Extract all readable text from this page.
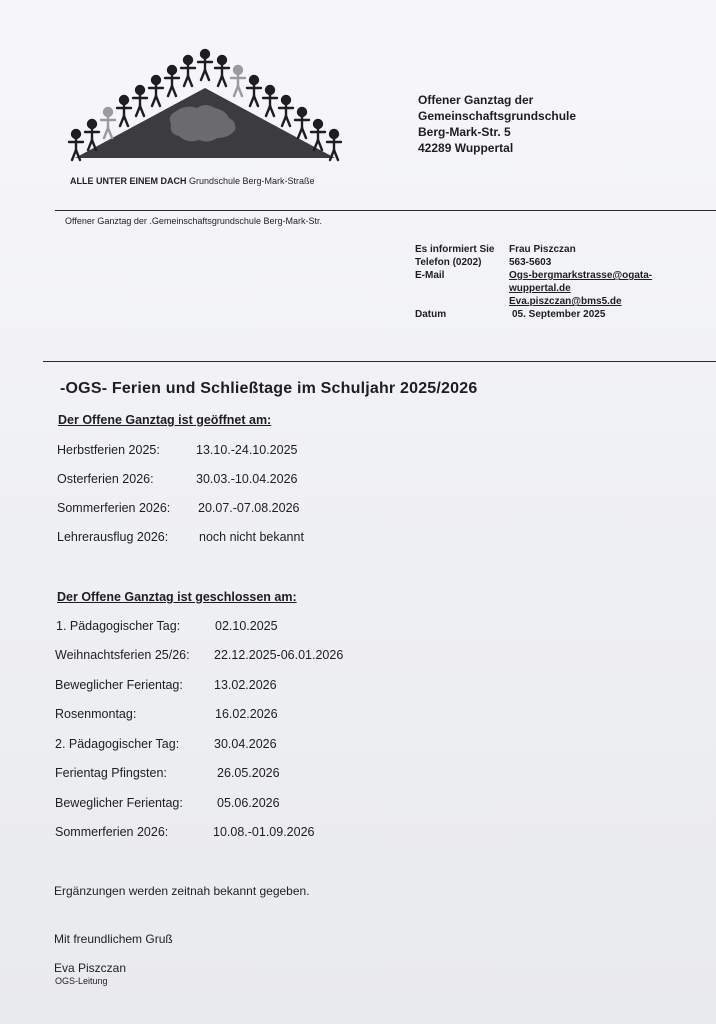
ALLE UNTER EINEM DACH Grundschule Berg-Mark-Straße
Offener Ganztag der
Gemeinschaftsgrundschule
Berg-Mark-Str. 5
42289 Wuppertal
Offener Ganztag der .Gemeinschaftsgrundschule Berg-Mark-Str.
Es informiert Sie Frau Piszczan
Telefon (0202)	563-5603
E-Mail	Ogs-bergmarkstrasse@ogata-
wuppertal.de
Eva.piszczan@bms5.de
Datum	05. September 2025
-OGS- Ferien und Schließtage im Schuljahr 2025/2026
Der Offene Ganztag ist geöffnet am:
Herbstferien 2025:	13.10.-24.10.2025
Osterferien 2026:	30.03.-10.04.2026
Sommerferien 2026: 20.07.-07.08.2026
Lehrerausflug 2026: noch nicht bekannt
Der Offene Ganztag ist geschlossen am:
1. Pädagogischer Tag:	02.10.2025
Weihnachtsferien 25/26: 22.12.2025-06.01.2026
Beweglicher Ferientag: 13.02.2026
Rosenmontag:	16.02.2026
2. Pädagogischer Tag:	30.04.2026
Ferientag Pfingsten:	26.05.2026
Beweglicher Ferientag:	05.06.2026
Sommerferien 2026:	10.08.-01.09.2026
Ergänzungen werden zeitnah bekannt gegeben.
Mit freundlichem Gruß
Eva Piszczan
OGS-Leitung
